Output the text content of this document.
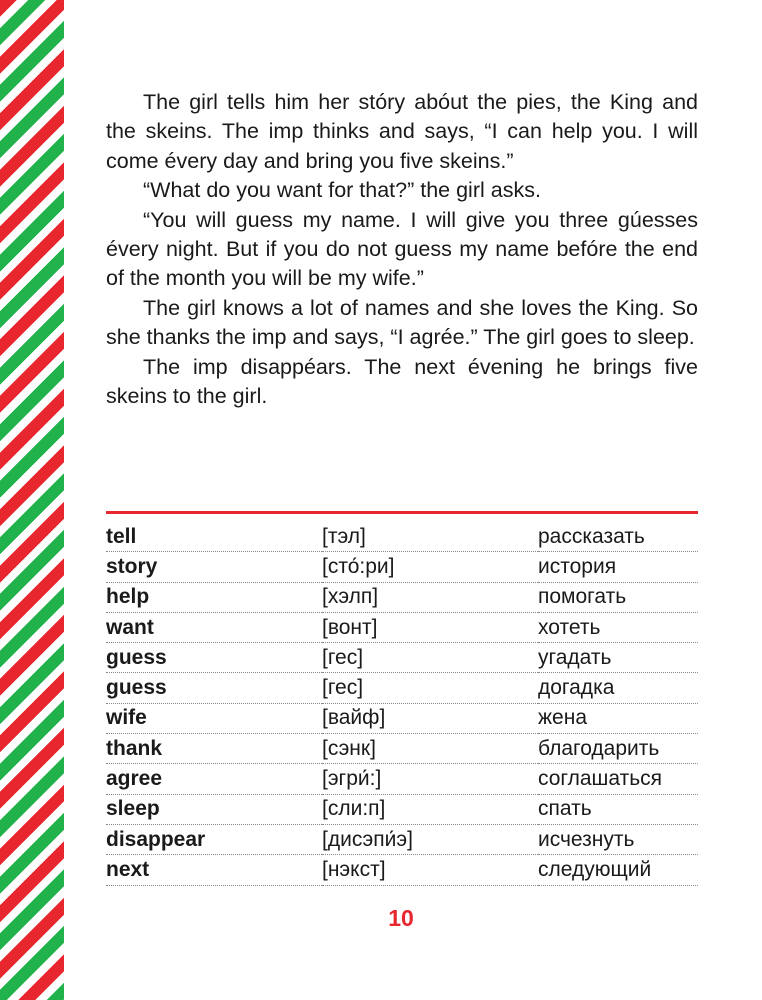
The girl tells him her stóry abóut the pies, the King and the skeins. The imp thinks and says, “I can help you. I will come évery day and bring you five skeins.”

“What do you want for that?” the girl asks.

“You will guess my name. I will give you three gúesses évery night. But if you do not guess my name befóre the end of the month you will be my wife.”

The girl knows a lot of names and she loves the King. So she thanks the imp and says, “I agrée.” The girl goes to sleep.

The imp disappéars. The next évening he brings five skeins to the girl.

tell	[тэл]	рассказать
story	[сто́:ри]	история
help	[хэлп]	помогать
want	[вонт]	хотеть
guess	[гес]	угадать
guess	[гес]	догадка
wife	[вайф]	жена
thank	[сэнк]	благодарить
agree	[эгри́:]	соглашаться
sleep	[сли:п]	спать
disappear	[дисэпи́э]	исчезнуть
next	[нэкст]	следующий
10
